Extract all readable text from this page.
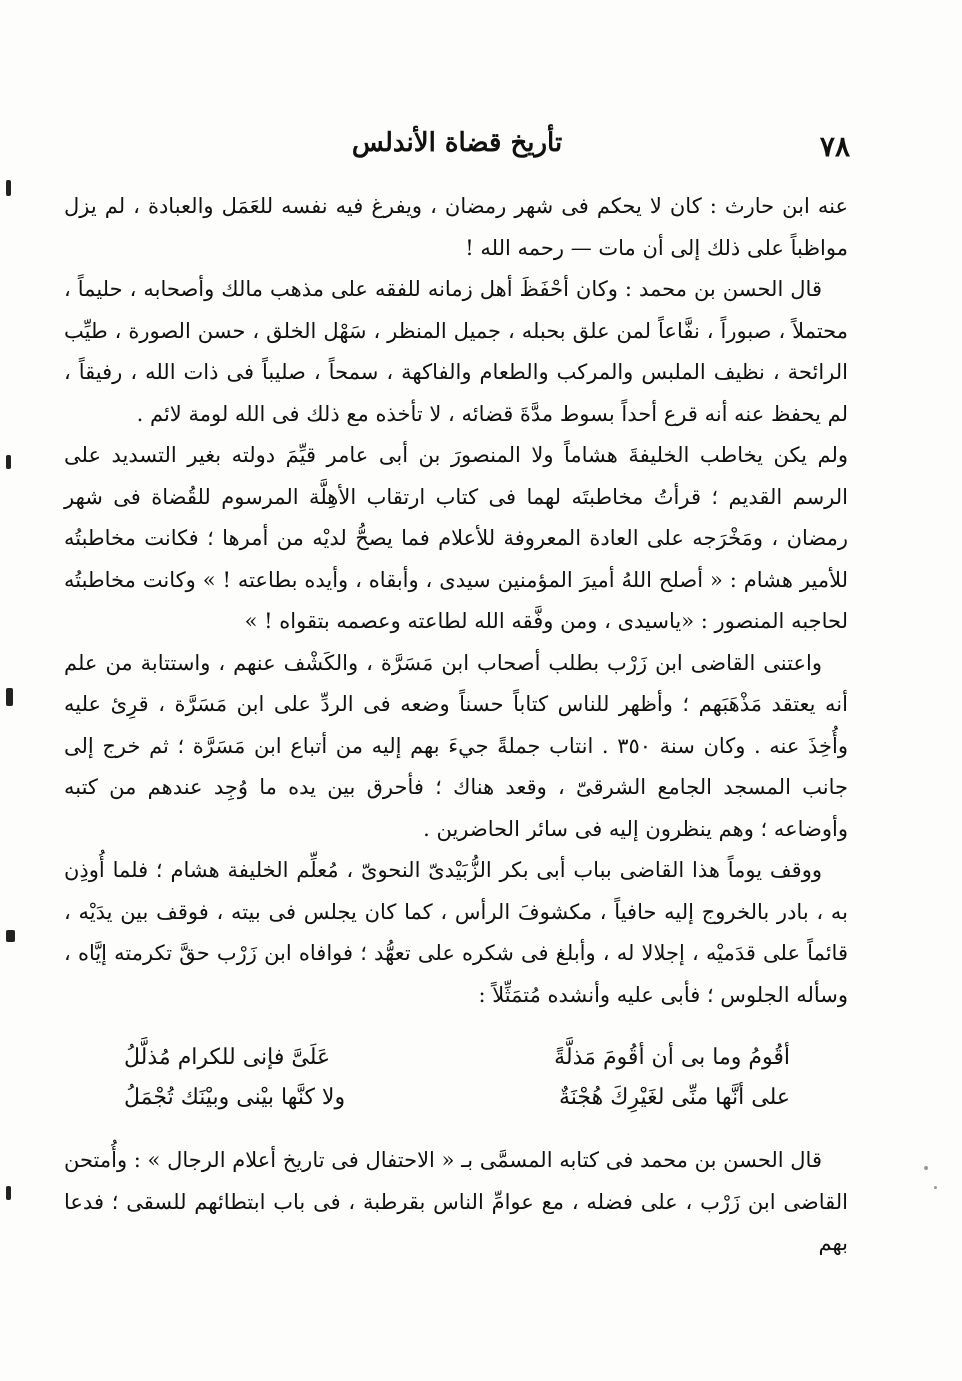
٧٨
تأريخ قضاة الأندلس

عنه ابن حارث : كان لا يحكم فى شهر رمضان ، ويفرغ فيه نفسه للعَمَل والعبادة ، لم يزل مواظباً على ذلك إلى أن مات — رحمه الله !

قال الحسن بن محمد : وكان أحْفَظَ أهل زمانه للفقه على مذهب مالك وأصحابه ، حليماً ، محتملاً ، صبوراً ، نفَّاعاً لمن علق بحبله ، جميل المنظر ، سَهْل الخلق ، حسن الصورة ، طيِّب الرائحة ، نظيف الملبس والمركب والطعام والفاكهة ، سمحاً ، صليباً فى ذات الله ، رفيقاً ، لم يحفظ عنه أنه قرع أحداً بسوط مدَّةَ قضائه ، لا تأخذه مع ذلك فى الله لومة لائم .

ولم يكن يخاطب الخليفةَ هشاماً ولا المنصورَ بن أبى عامر قيِّمَ دولته بغير التسديد على الرسم القديم ؛ قرأتُ مخاطبتَه لهما فى كتاب ارتقاب الأهِلَّة المرسوم للقُضاة فى شهر رمضان ، ومَخْرَجه على العادة المعروفة للأعلام فما يصحُّ لديْه من أمرها ؛ فكانت مخاطبتُه للأمير هشام : « أصلح اللهُ أميرَ المؤمنين سيدى ، وأبقاه ، وأيده بطاعته ! » وكانت مخاطبتُه لحاجبه المنصور : «ياسيدى ، ومن وفَّقه الله لطاعته وعصمه بتقواه ! »

واعتنى القاضى ابن زَرْب بطلب أصحاب ابن مَسَرَّة ، والكَشْف عنهم ، واستتابة من علم أنه يعتقد مَذْهَبَهم ؛ وأظهر للناس كتاباً حسناً وضعه فى الردِّ على ابن مَسَرَّة ، قرِئ عليه وأُخِذَ عنه . وكان سنة ٣٥٠ . انتاب جملةً جيءَ بهم إليه من أتباع ابن مَسَرَّة ؛ ثم خرج إلى جانب المسجد الجامع الشرقىّ ، وقعد هناك ؛ فأحرق بين يده ما وُجِد عندهم من كتبه وأوضاعه ؛ وهم ينظرون إليه فى سائر الحاضرين .

ووقف يوماً هذا القاضى بباب أبى بكر الزُّبَيْدىّ النحوىّ ، مُعلِّم الخليفة هشام ؛ فلما أُوذِن به ، بادر بالخروج إليه حافياً ، مكشوفَ الرأس ، كما كان يجلس فى بيته ، فوقف بين يدَيْه ، قائماً على قدَميْه ، إجلالا له ، وأبلغ فى شكره على تعهُّد ؛ فوافاه ابن زَرْب حقَّ تكرمته إيَّاه ، وسأله الجلوس ؛ فأبى عليه وأنشده مُتمَثِّلاً :

أقُومُ وما بى أن أقُومَ مَذلَّةً
عَلَىَّ فإنى للكرام مُذلَّلُ
على أنَّها منِّى لغَيْرِكَ هُجْنَةٌ
ولا كنَّها بيْنى وبيْنَك تُجْمَلُ

قال الحسن بن محمد فى كتابه المسمَّى بـ « الاحتفال فى تاريخ أعلام الرجال » : وأُمتحن القاضى ابن زَرْب ، على فضله ، مع عوامِّ الناس بقرطبة ، فى باب ابتطائهم للسقى ؛ فدعا بهم
